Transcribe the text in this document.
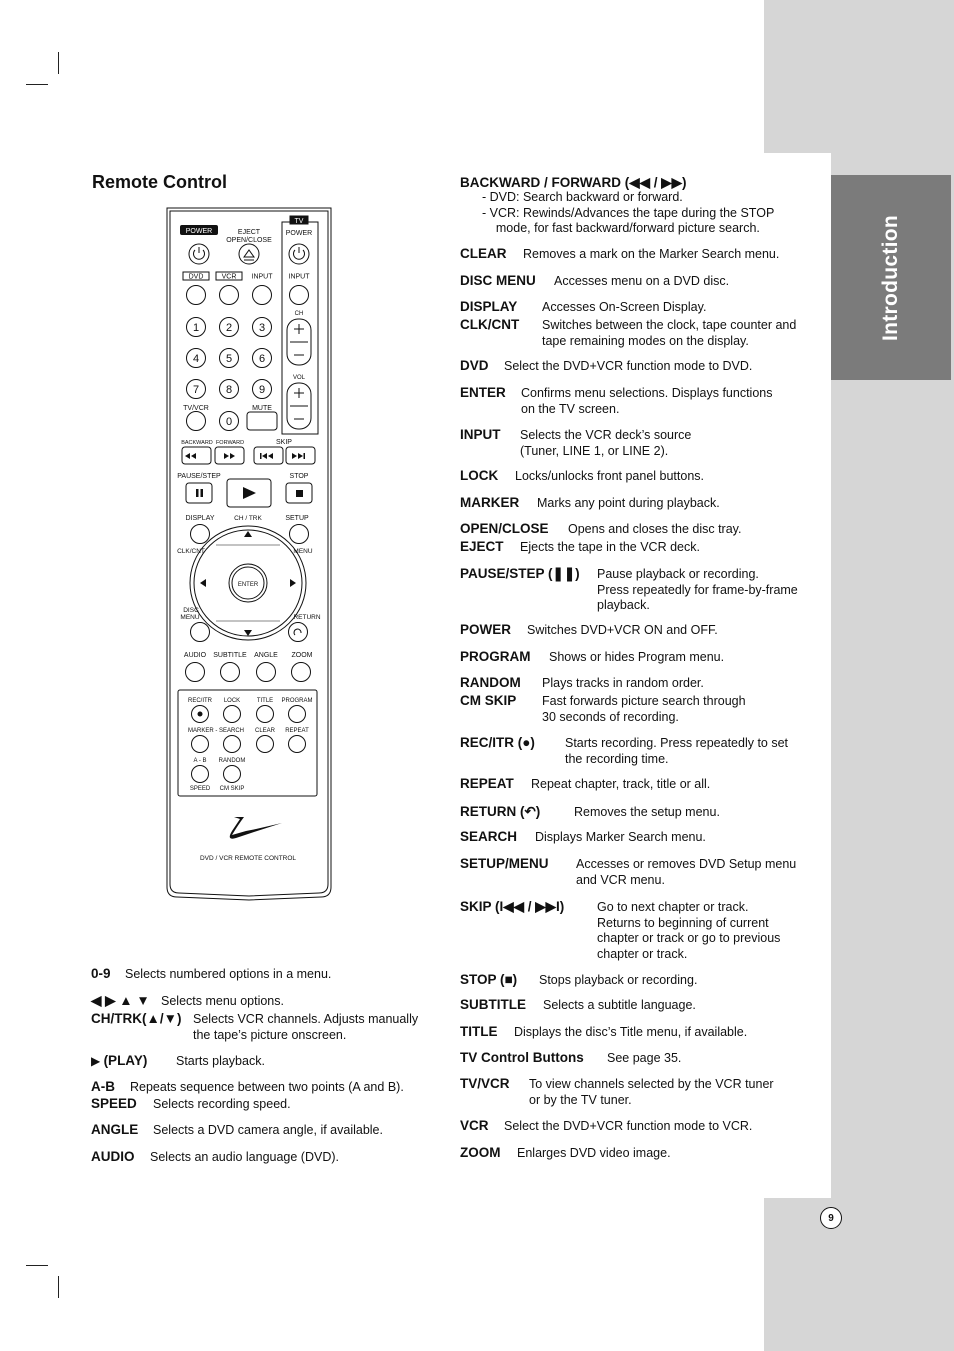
Introduction
9
Remote Control
POWER	EJECT
OPEN/CLOSE
TV
POWER
DVD	VCR INPUT INPUT
CH
VOL
1 2 3
4 5 6
7 8 9
0
TV/VCR	MUTE
BACKWARD FORWARD	SKIP
PAUSE/STEP	STOP
DISPLAY	CH / TRK	SETUP
CLK/CNT	MENU
ENTER
DISC
MENU	RETURN
AUDIO SUBTITLE ANGLE ZOOM
REC/ITR LOCK	TITLE PROGRAM
MARKER - SEARCH CLEAR REPEAT
A - B RANDOM
SPEED CM SKIP
DVD / VCR REMOTE CONTROL
0-9 Selects numbered options in a menu.
◀ ▶ ▲ ▼ Selects menu options.
CH/TRK(▲/▼) Selects VCR channels. Adjusts manually
the tape’s picture onscreen.
▶ (PLAY) Starts playback.
A-B Repeats sequence between two points (A and B).
SPEED Selects recording speed.
ANGLE Selects a DVD camera angle, if available.
AUDIO Selects an audio language (DVD).
BACKWARD / FORWARD (◀◀ / ▶▶)
- DVD: Search backward or forward.
- VCR: Rewinds/Advances the tape during the STOP
mode, for fast backward/forward picture search.
CLEAR Removes a mark on the Marker Search menu.
DISC MENU Accesses menu on a DVD disc.
DISPLAY Accesses On-Screen Display.
CLK/CNT Switches between the clock, tape counter and
tape remaining modes on the display.
DVD Select the DVD+VCR function mode to DVD.
ENTER Confirms menu selections. Displays functions
on the TV screen.
INPUT Selects the VCR deck’s source
(Tuner, LINE 1, or LINE 2).
LOCK Locks/unlocks front panel buttons.
MARKER Marks any point during playback.
OPEN/CLOSE Opens and closes the disc tray.
EJECT Ejects the tape in the VCR deck.
PAUSE/STEP (❚❚) Pause playback or recording.
Press repeatedly for frame-by-frame
playback.
POWER Switches DVD+VCR ON and OFF.
PROGRAM Shows or hides Program menu.
RANDOM Plays tracks in random order.
CM SKIP Fast forwards picture search through
30 seconds of recording.
REC/ITR (●) Starts recording. Press repeatedly to set
the recording time.
REPEAT Repeat chapter, track, title or all.
RETURN (↶)	Removes the setup menu.
SEARCH Displays Marker Search menu.
SETUP/MENU Accesses or removes DVD Setup menu
and VCR menu.
SKIP (I◀◀ / ▶▶I)	Go to next chapter or track.
Returns to beginning of current
chapter or track or go to previous
chapter or track.
STOP (■) Stops playback or recording.
SUBTITLE Selects a subtitle language.
TITLE Displays the disc’s Title menu, if available.
TV Control Buttons See page 35.
TV/VCR To view channels selected by the VCR tuner
or by the TV tuner.
VCR Select the DVD+VCR function mode to VCR.
ZOOM Enlarges DVD video image.
